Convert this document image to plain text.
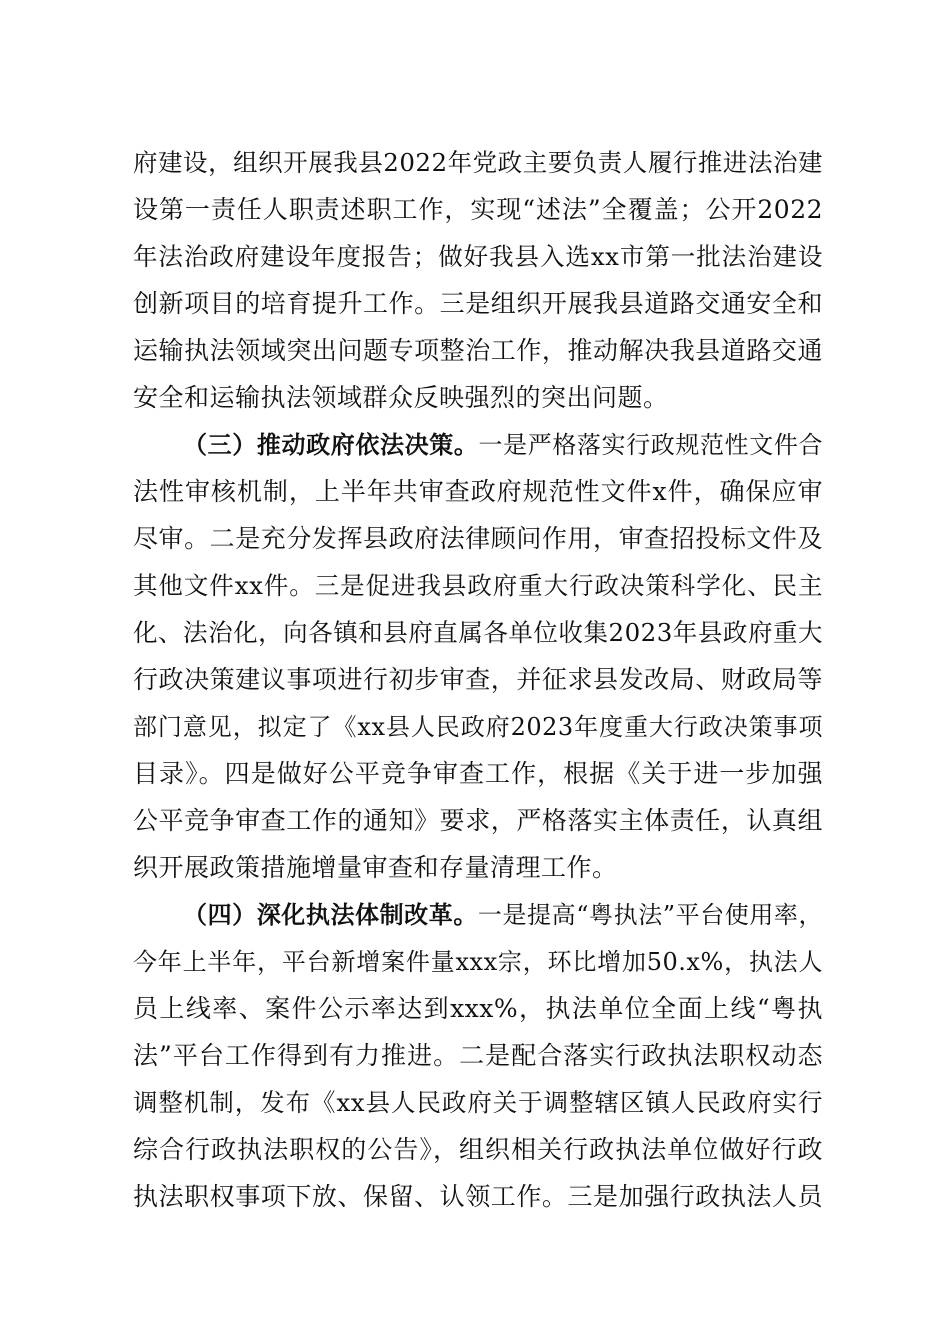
府建设，组织开展我县2022年党政主要负责人履行推进法治建
设第一责任人职责述职工作，实现“述法”全覆盖；公开2022
年法治政府建设年度报告；做好我县入选xx市第一批法治建设
创新项目的培育提升工作。三是组织开展我县道路交通安全和
运输执法领域突出问题专项整治工作，推动解决我县道路交通
安全和运输执法领域群众反映强烈的突出问题。
（三）推动政府依法决策。一是严格落实行政规范性文件合
法性审核机制，上半年共审查政府规范性文件x件，确保应审
尽审。二是充分发挥县政府法律顾问作用，审查招投标文件及
其他文件xx件。三是促进我县政府重大行政决策科学化、民主
化、法治化，向各镇和县府直属各单位收集2023年县政府重大
行政决策建议事项进行初步审查，并征求县发改局、财政局等
部门意见，拟定了《xx县人民政府2023年度重大行政决策事项
目录》。四是做好公平竞争审查工作，根据《关于进一步加强
公平竞争审查工作的通知》要求，严格落实主体责任，认真组
织开展政策措施增量审查和存量清理工作。
（四）深化执法体制改革。一是提高“粤执法”平台使用率，
今年上半年，平台新增案件量xxx宗，环比增加50.x%，执法人
员上线率、案件公示率达到xxx%，执法单位全面上线“粤执
法”平台工作得到有力推进。二是配合落实行政执法职权动态
调整机制，发布《xx县人民政府关于调整辖区镇人民政府实行
综合行政执法职权的公告》，组织相关行政执法单位做好行政
执法职权事项下放、保留、认领工作。三是加强行政执法人员
